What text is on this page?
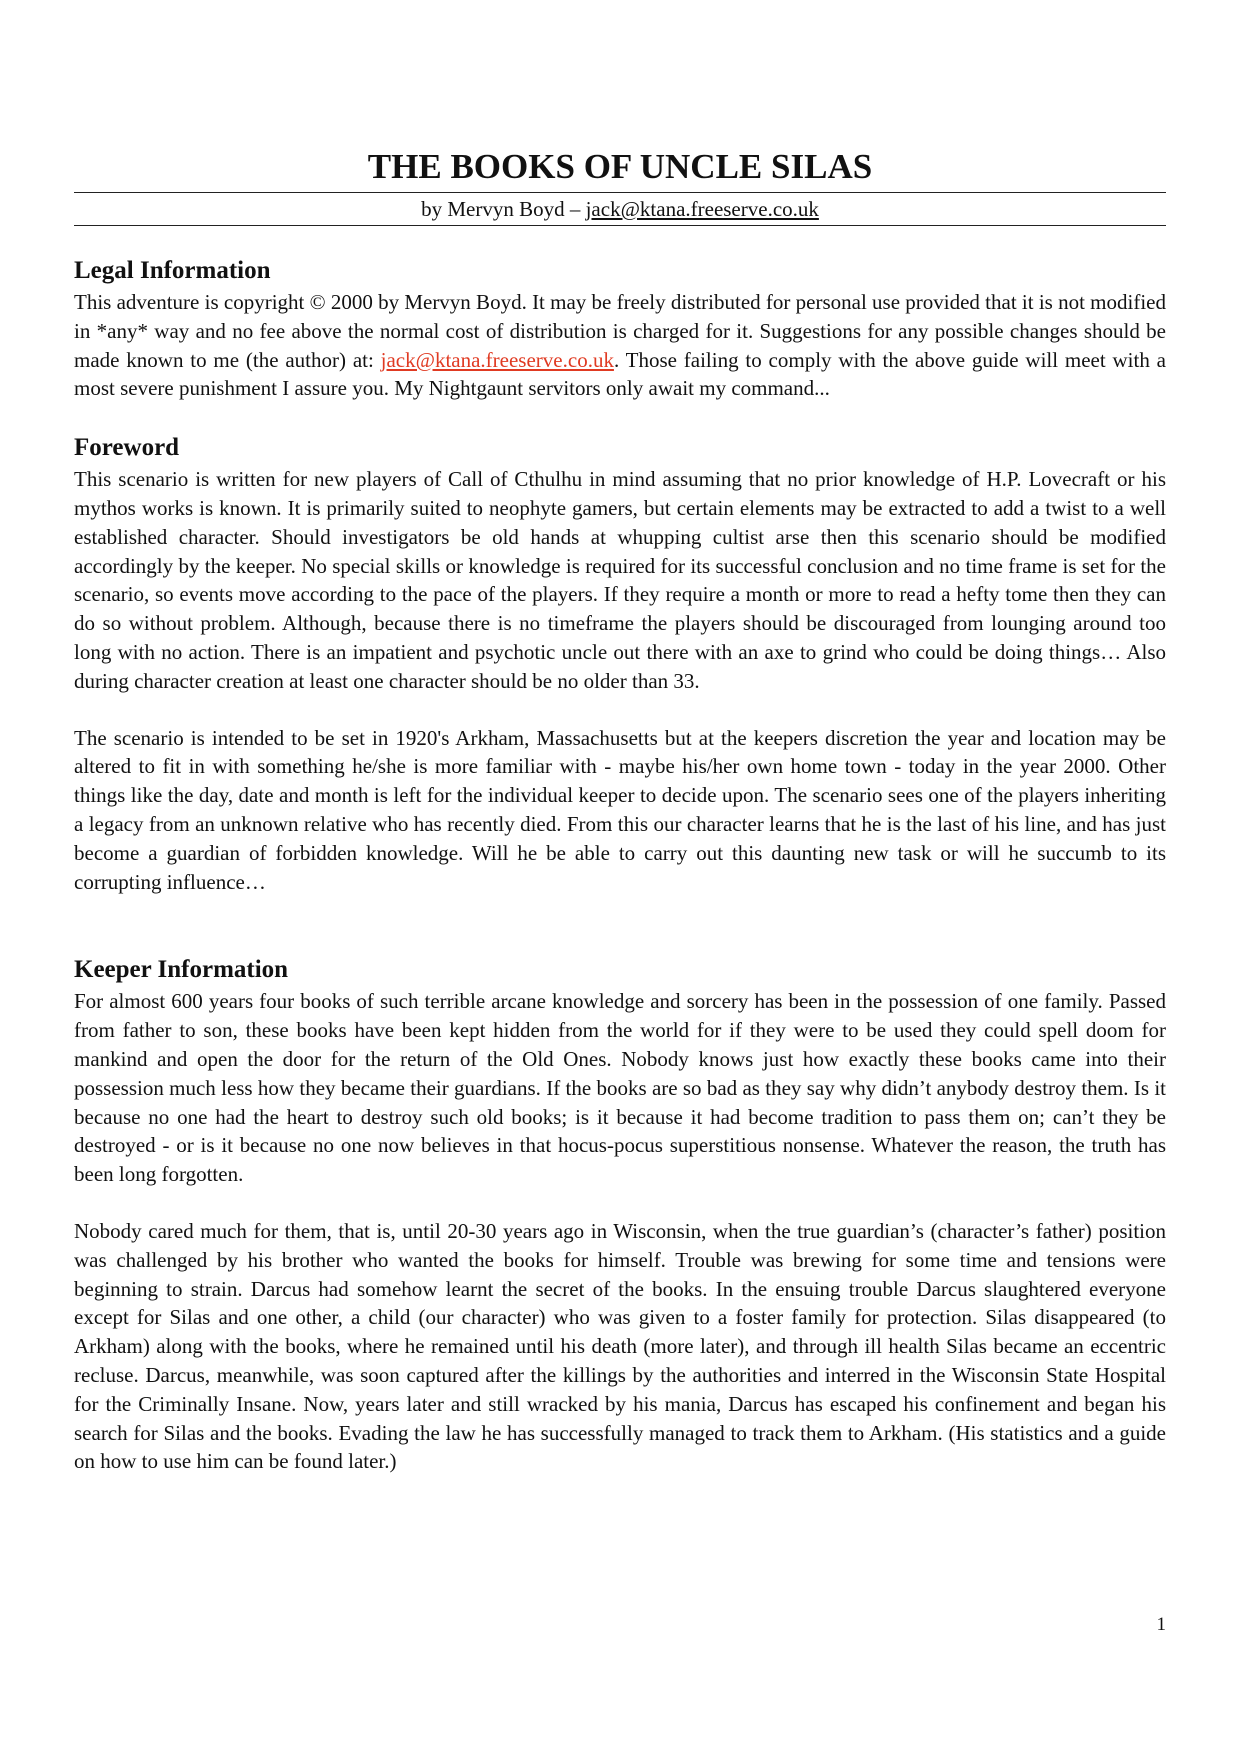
THE BOOKS OF UNCLE SILAS
by Mervyn Boyd – jack@ktana.freeserve.co.uk
Legal Information

This adventure is copyright © 2000 by Mervyn Boyd. It may be freely distributed for personal use provided that it is not modified in *any* way and no fee above the normal cost of distribution is charged for it. Suggestions for any possible changes should be made known to me (the author) at: jack@ktana.freeserve.co.uk. Those failing to comply with the above guide will meet with a most severe punishment I assure you. My Nightgaunt servitors only await my command...

Foreword

This scenario is written for new players of Call of Cthulhu in mind assuming that no prior knowledge of H.P. Lovecraft or his mythos works is known. It is primarily suited to neophyte gamers, but certain elements may be extracted to add a twist to a well established character. Should investigators be old hands at whupping cultist arse then this scenario should be modified accordingly by the keeper. No special skills or knowledge is required for its successful conclusion and no time frame is set for the scenario, so events move according to the pace of the players. If they require a month or more to read a hefty tome then they can do so without problem. Although, because there is no timeframe the players should be discouraged from lounging around too long with no action. There is an impatient and psychotic uncle out there with an axe to grind who could be doing things… Also during character creation at least one character should be no older than 33.

The scenario is intended to be set in 1920's Arkham, Massachusetts but at the keepers discretion the year and location may be altered to fit in with something he/she is more familiar with - maybe his/her own home town - today in the year 2000. Other things like the day, date and month is left for the individual keeper to decide upon. The scenario sees one of the players inheriting a legacy from an unknown relative who has recently died. From this our character learns that he is the last of his line, and has just become a guardian of forbidden knowledge. Will he be able to carry out this daunting new task or will he succumb to its corrupting influence…

Keeper Information

For almost 600 years four books of such terrible arcane knowledge and sorcery has been in the possession of one family. Passed from father to son, these books have been kept hidden from the world for if they were to be used they could spell doom for mankind and open the door for the return of the Old Ones. Nobody knows just how exactly these books came into their possession much less how they became their guardians. If the books are so bad as they say why didn’t anybody destroy them. Is it because no one had the heart to destroy such old books; is it because it had become tradition to pass them on; can’t they be destroyed - or is it because no one now believes in that hocus-pocus superstitious nonsense. Whatever the reason, the truth has been long forgotten.

Nobody cared much for them, that is, until 20-30 years ago in Wisconsin, when the true guardian’s (character’s father) position was challenged by his brother who wanted the books for himself. Trouble was brewing for some time and tensions were beginning to strain. Darcus had somehow learnt the secret of the books. In the ensuing trouble Darcus slaughtered everyone except for Silas and one other, a child (our character) who was given to a foster family for protection. Silas disappeared (to Arkham) along with the books, where he remained until his death (more later), and through ill health Silas became an eccentric recluse. Darcus, meanwhile, was soon captured after the killings by the authorities and interred in the Wisconsin State Hospital for the Criminally Insane. Now, years later and still wracked by his mania, Darcus has escaped his confinement and began his search for Silas and the books. Evading the law he has successfully managed to track them to Arkham. (His statistics and a guide on how to use him can be found later.)

1
